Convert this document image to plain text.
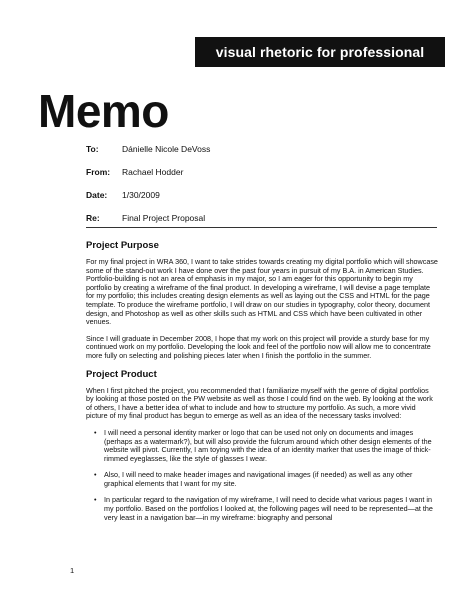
visual rhetoric for professional writers
Memo
To:	Dánielle Nicole DeVoss
From: Rachael Hodder
Date: 1/30/2009
Re:	Final Project Proposal
Project Purpose

For my final project in WRA 360, I want to take strides towards creating my digital portfolio which will showcase some of the stand-out work I have done over the past four years in pursuit of my B.A. in American Studies. Portfolio-building is not an area of emphasis in my major, so I am eager for this opportunity to begin my portfolio by creating a wireframe of the final product. In developing a wireframe, I will devise a page template for my portfolio; this includes creating design elements as well as laying out the CSS and HTML for the page template. To produce the wireframe portfolio, I will draw on our studies in typography, color theory, document design, and Photoshop as well as other skills such as HTML and CSS which have been cultivated in other venues.

Since I will graduate in December 2008, I hope that my work on this project will provide a sturdy base for my continued work on my portfolio. Developing the look and feel of the portfolio now will allow me to concentrate more fully on selecting and polishing pieces later when I finish the portfolio in the summer.

Project Product

When I first pitched the project, you recommended that I familiarize myself with the genre of digital portfolios by looking at those posted on the PW website as well as those I could find on the web. By looking at the work of others, I have a better idea of what to include and how to structure my portfolio. As such, a more vivid picture of my final product has begun to emerge as well as an idea of the necessary tasks involved:

• I will need a personal identity marker or logo that can be used not only on documents and images (perhaps as a watermark?), but will also provide the fulcrum around which other design elements of the website will pivot. Currently, I am toying with the idea of an identity marker that uses the image of thick-rimmed eyeglasses, like the style of glasses I wear.
• Also, I will need to make header images and navigational images (if needed) as well as any other graphical elements that I want for my site.
• In particular regard to the navigation of my wireframe, I will need to decide what various pages I want in my portfolio. Based on the portfolios I looked at, the following pages will need to be represented—at the very least in a navigation bar—in my wireframe: biography and personal
1
